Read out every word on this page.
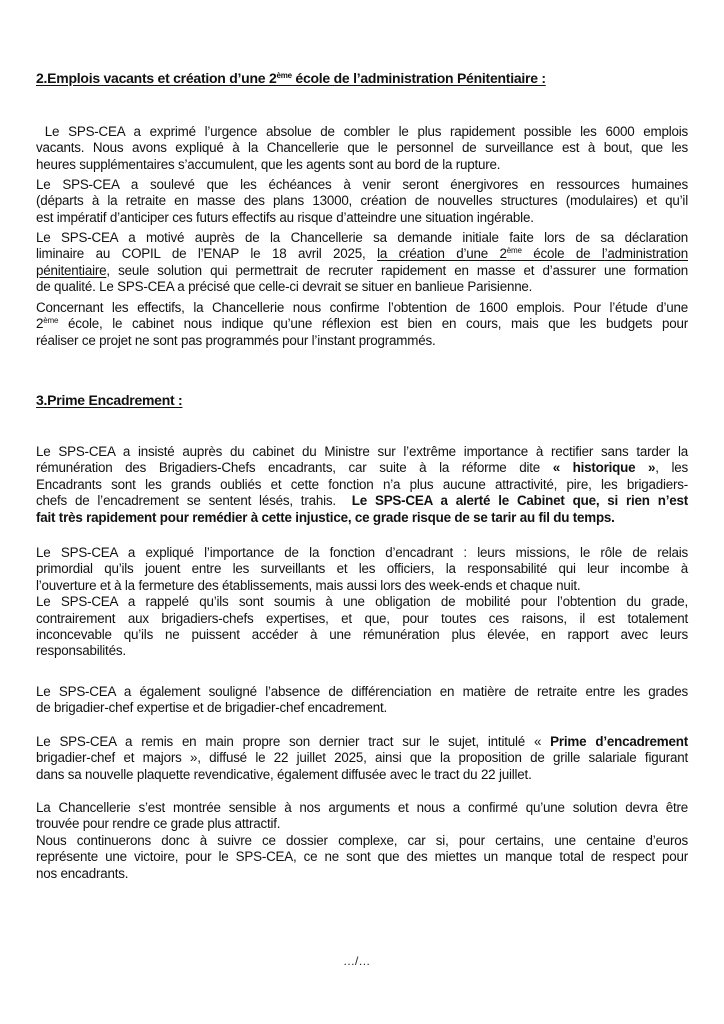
2.Emplois vacants et création d’une 2ème école de l’administration Pénitentiaire :
Le SPS-CEA a exprimé l’urgence absolue de combler le plus rapidement possible les 6000 emplois
vacants. Nous avons expliqué à la Chancellerie que le personnel de surveillance est à bout, que les
heures supplémentaires s’accumulent, que les agents sont au bord de la rupture.
Le SPS-CEA a soulevé que les échéances à venir seront énergivores en ressources humaines
(départs à la retraite en masse des plans 13000, création de nouvelles structures (modulaires) et qu’il
est impératif d’anticiper ces futurs effectifs au risque d’atteindre une situation ingérable.
Le SPS-CEA a motivé auprès de la Chancellerie sa demande initiale faite lors de sa déclaration
liminaire au COPIL de l’ENAP le 18 avril 2025, la création d’une 2ème école de l’administration
pénitentiaire, seule solution qui permettrait de recruter rapidement en masse et d’assurer une formation
de qualité. Le SPS-CEA a précisé que celle-ci devrait se situer en banlieue Parisienne.
Concernant les effectifs, la Chancellerie nous confirme l’obtention de 1600 emplois. Pour l’étude d’une
2ème école, le cabinet nous indique qu’une réflexion est bien en cours, mais que les budgets pour
réaliser ce projet ne sont pas programmés pour l’instant programmés.
3.Prime Encadrement :
Le SPS-CEA a insisté auprès du cabinet du Ministre sur l’extrême importance à rectifier sans tarder la
rémunération des Brigadiers-Chefs encadrants, car suite à la réforme dite « historique », les
Encadrants sont les grands oubliés et cette fonction n’a plus aucune attractivité, pire, les brigadiers-
chefs de l’encadrement se sentent lésés, trahis.  Le SPS-CEA a alerté le Cabinet que, si rien n’est
fait très rapidement pour remédier à cette injustice, ce grade risque de se tarir au fil du temps.
Le SPS-CEA a expliqué l’importance de la fonction d’encadrant : leurs missions, le rôle de relais
primordial qu’ils jouent entre les surveillants et les officiers, la responsabilité qui leur incombe à
l’ouverture et à la fermeture des établissements, mais aussi lors des week-ends et chaque nuit.
Le SPS-CEA a rappelé qu’ils sont soumis à une obligation de mobilité pour l’obtention du grade,
contrairement aux brigadiers-chefs expertises, et que, pour toutes ces raisons, il est totalement
inconcevable qu’ils ne puissent accéder à une rémunération plus élevée, en rapport avec leurs
responsabilités.
Le SPS-CEA a également souligné l’absence de différenciation en matière de retraite entre les grades
de brigadier-chef expertise et de brigadier-chef encadrement.
Le SPS-CEA a remis en main propre son dernier tract sur le sujet, intitulé « Prime d’encadrement
brigadier-chef et majors », diffusé le 22 juillet 2025, ainsi que la proposition de grille salariale figurant
dans sa nouvelle plaquette revendicative, également diffusée avec le tract du 22 juillet.
La Chancellerie s’est montrée sensible à nos arguments et nous a confirmé qu’une solution devra être
trouvée pour rendre ce grade plus attractif.
Nous continuerons donc à suivre ce dossier complexe, car si, pour certains, une centaine d’euros
représente une victoire, pour le SPS-CEA, ce ne sont que des miettes un manque total de respect pour
nos encadrants.
…/…
